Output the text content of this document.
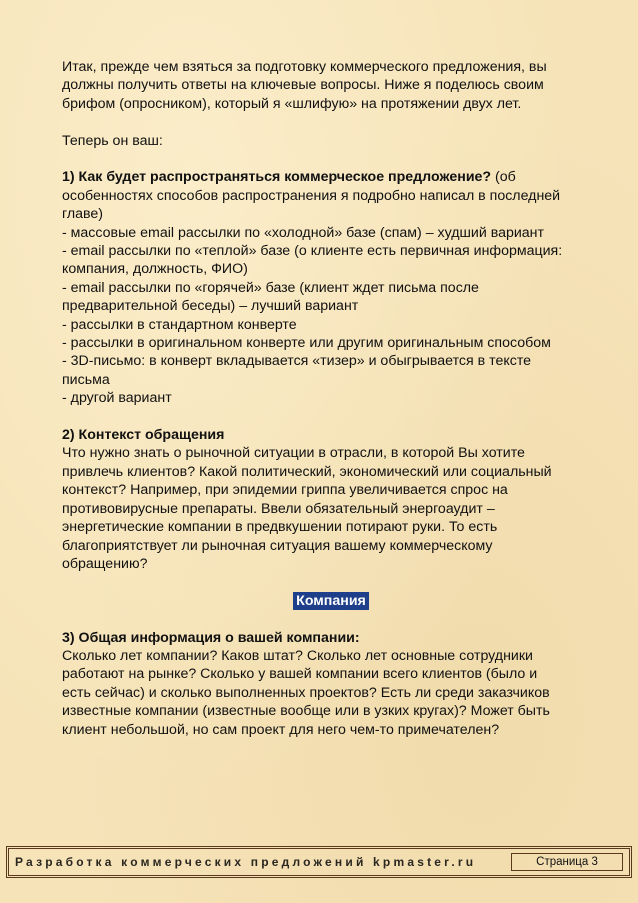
Итак, прежде чем взяться за подготовку коммерческого предложения, вы
должны получить ответы на ключевые вопросы. Ниже я поделюсь своим
брифом (опросником), который я «шлифую» на протяжении двух лет.

Теперь он ваш:

1) Как будет распространяться коммерческое предложение? (об
особенностях способов распространения я подробно написал в последней
главе)
- массовые email рассылки по «холодной» базе (спам) – худший вариант
- email рассылки по «теплой» базе (о клиенте есть первичная информация:
компания, должность, ФИО)
- email рассылки по «горячей» базе (клиент ждет письма после
предварительной беседы) – лучший вариант
- рассылки в стандартном конверте
- рассылки в оригинальном конверте или другим оригинальным способом
- 3D-письмо: в конверт вкладывается «тизер» и обыгрывается в тексте
письма
- другой вариант

2) Контекст обращения
Что нужно знать о рыночной ситуации в отрасли, в которой Вы хотите
привлечь клиентов? Какой политический, экономический или социальный
контекст? Например, при эпидемии гриппа увеличивается спрос на
противовирусные препараты. Ввели обязательный энергоаудит –
энергетические компании в предвкушении потирают руки. То есть
благоприятствует ли рыночная ситуация вашему коммерческому
обращению?

Компания

3) Общая информация о вашей компании:
Сколько лет компании? Каков штат? Сколько лет основные сотрудники
работают на рынке? Сколько у вашей компании всего клиентов (было и
есть сейчас) и сколько выполненных проектов? Есть ли среди заказчиков
известные компании (известные вообще или в узких кругах)? Может быть
клиент небольшой, но сам проект для него чем-то примечателен?

Разработка коммерческих предложений kpmaster.ru	Страница 3
